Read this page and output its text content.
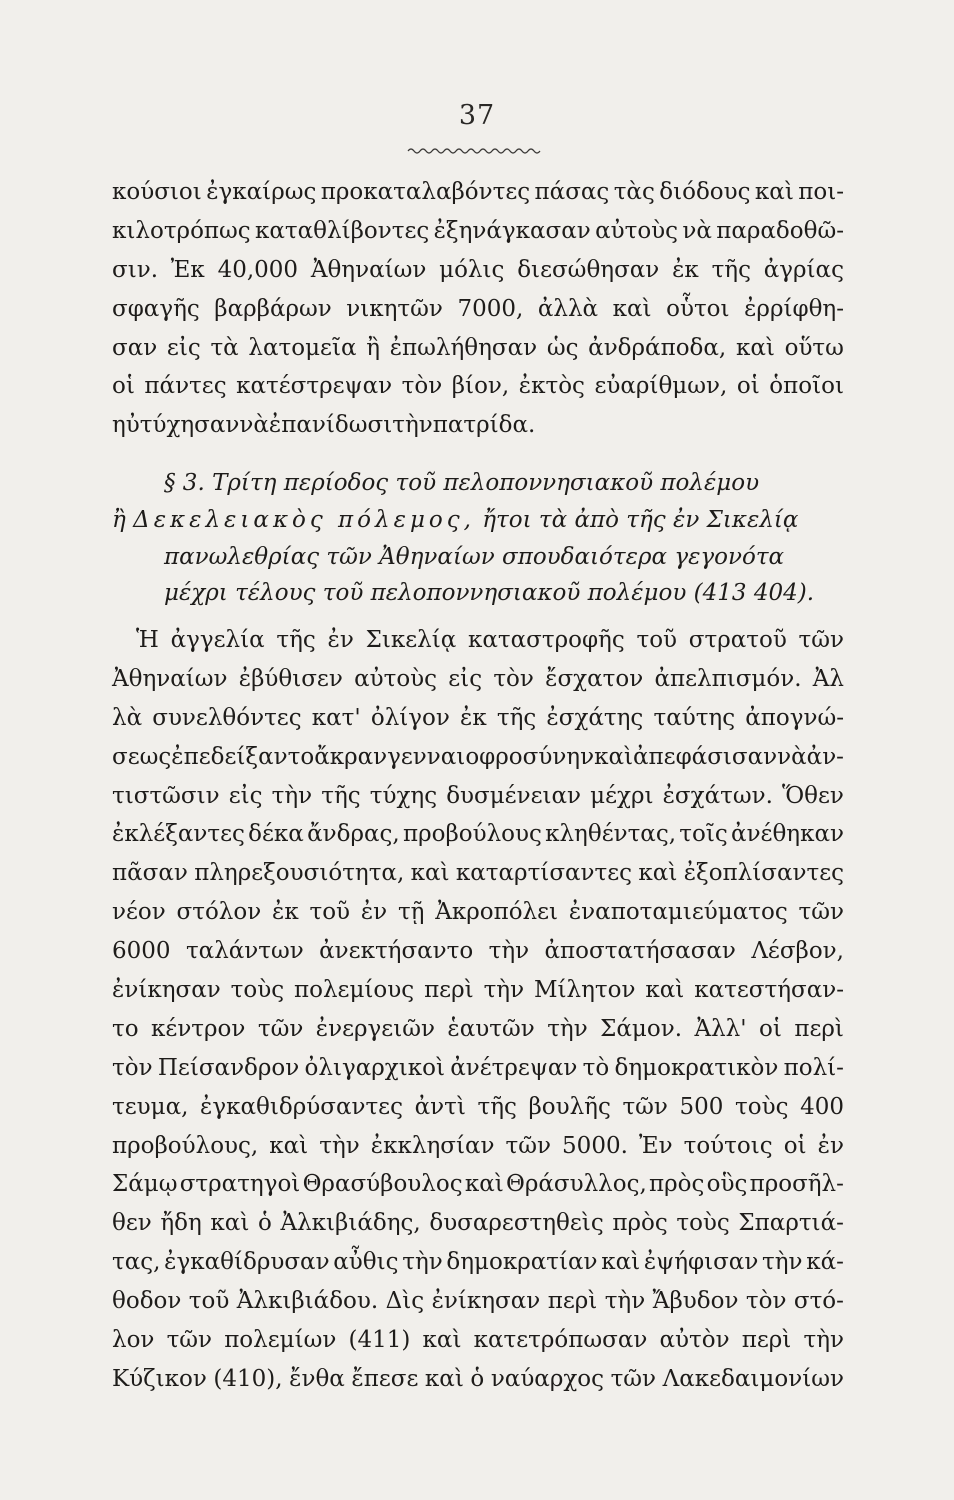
37
κούσιοι ἐγκαίρως προκαταλαβόντες πάσας τὰς διόδους καὶ ποι-
κιλοτρόπως καταθλίβοντες ἐξηνάγκασαν αὐτοὺς νὰ παραδοθῶ-
σιν. Ἐκ 40,000 Ἀθηναίων μόλις διεσώθησαν ἐκ τῆς ἀγρίας
σφαγῆς βαρβάρων νικητῶν 7000, ἀλλὰ καὶ οὗτοι ἐρρίφθη-
σαν εἰς τὰ λατομεῖα ἢ ἐπωλήθησαν ὡς ἀνδράποδα, καὶ οὕτω
οἱ πάντες κατέστρεψαν τὸν βίον, ἐκτὸς εὐαρίθμων, οἱ ὁποῖοι
ηὐτύχησαν νὰ ἐπανίδωσι τὴν πατρίδα.
§ 3. Τρίτη περίοδος τοῦ πελοποννησιακοῦ πολέμου
ἢ Δεκελειακὸς πόλεμος, ἤτοι τὰ ἀπὸ τῆς ἐν Σικελίᾳ
πανωλεθρίας τῶν Ἀθηναίων σπουδαιότερα γεγονότα
μέχρι τέλους τοῦ πελοποννησιακοῦ πολέμου (413 404).
Ἡ ἀγγελία τῆς ἐν Σικελίᾳ καταστροφῆς τοῦ στρατοῦ τῶν
Ἀθηναίων ἐβύθισεν αὐτοὺς εἰς τὸν ἔσχατον ἀπελπισμόν. Ἀλ
λὰ συνελθόντες κατ' ὀλίγον ἐκ τῆς ἐσχάτης ταύτης ἀπογνώ-
σεως ἐπεδείξαντο ἄκραν γενναιοφροσύνην καὶ ἀπεφάσισαν νὰ ἀν-
τιστῶσιν εἰς τὴν τῆς τύχης δυσμένειαν μέχρι ἐσχάτων. Ὅθεν
ἐκλέξαντες δέκα ἄνδρας, προβούλους κληθέντας, τοῖς ἀνέθηκαν
πᾶσαν πληρεξουσιότητα, καὶ καταρτίσαντες καὶ ἐξοπλίσαντες
νέον στόλον ἐκ τοῦ ἐν τῇ Ἀκροπόλει ἐναποταμιεύματος τῶν
6000 ταλάντων ἀνεκτήσαντο τὴν ἀποστατήσασαν Λέσβον,
ἐνίκησαν τοὺς πολεμίους περὶ τὴν Μίλητον καὶ κατεστήσαν-
το κέντρον τῶν ἐνεργειῶν ἑαυτῶν τὴν Σάμον. Ἀλλ' οἱ περὶ
τὸν Πείσανδρον ὀλιγαρχικοὶ ἀνέτρεψαν τὸ δημοκρατικὸν πολί-
τευμα, ἐγκαθιδρύσαντες ἀντὶ τῆς βουλῆς τῶν 500 τοὺς 400
προβούλους, καὶ τὴν ἐκκλησίαν τῶν 5000. Ἐν τούτοις οἱ ἐν
Σάμῳ στρατηγοὶ Θρασύβουλος καὶ Θράσυλλος, πρὸς οὓς προσῆλ-
θεν ἤδη καὶ ὁ Ἀλκιβιάδης, δυσαρεστηθεὶς πρὸς τοὺς Σπαρτιά-
τας, ἐγκαθίδρυσαν αὖθις τὴν δημοκρατίαν καὶ ἐψήφισαν τὴν κά-
θοδον τοῦ Ἀλκιβιάδου. Δὶς ἐνίκησαν περὶ τὴν Ἄβυδον τὸν στό-
λον τῶν πολεμίων (411) καὶ κατετρόπωσαν αὐτὸν περὶ τὴν
Κύζικον (410), ἔνθα ἔπεσε καὶ ὁ ναύαρχος τῶν Λακεδαιμονίων
